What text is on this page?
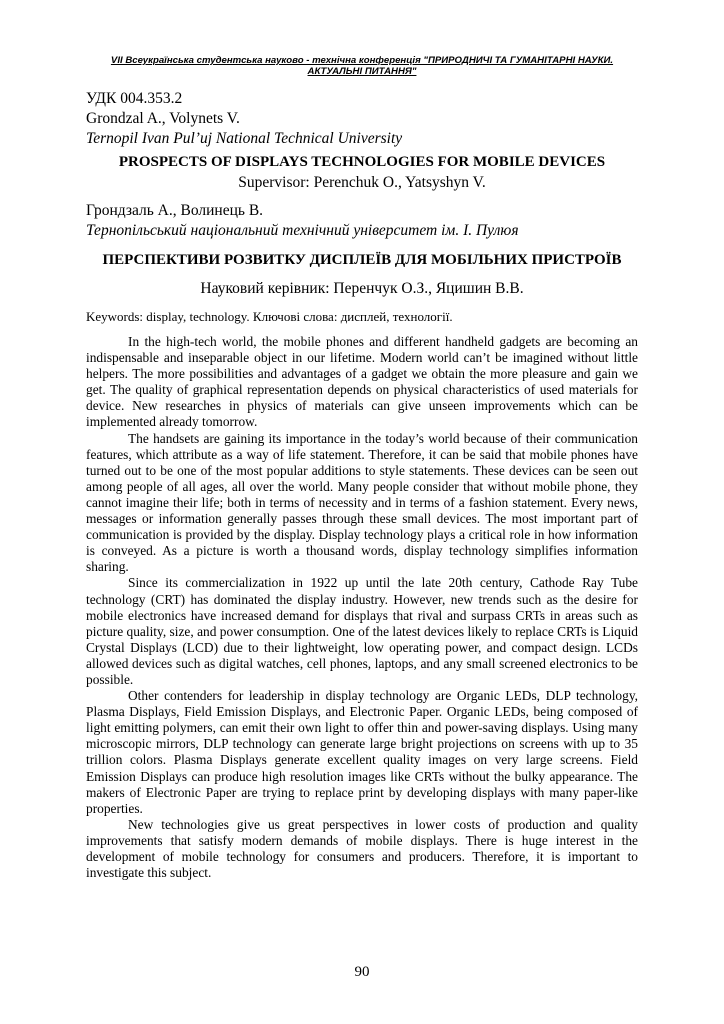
VII Всеукраїнська студентська науково - технічна конференція "ПРИРОДНИЧІ ТА ГУМАНІТАРНІ НАУКИ.
АКТУАЛЬНІ ПИТАННЯ"

УДК 004.353.2

Grondzal A., Volynets V.

Ternopil Ivan Pul’uj National Technical University

PROSPECTS OF DISPLAYS TECHNOLOGIES FOR MOBILE DEVICES
Supervisor: Perenchuk O., Yatsyshyn V.

Грондзаль А., Волинець В.

Тернопільський національний технічний університет ім. І. Пулюя

ПЕРСПЕКТИВИ РОЗВИТКУ ДИСПЛЕЇВ ДЛЯ МОБІЛЬНИХ ПРИСТРОЇВ
Науковий керівник: Перенчук О.З., Яцишин В.В.

Keywords: display, technology. Ключові слова: дисплей, технології.

In the high-tech world, the mobile phones and different handheld gadgets are becoming an indispensable and inseparable object in our lifetime. Modern world can’t be imagined without little helpers. The more possibilities and advantages of a gadget we obtain the more pleasure and gain we get. The quality of graphical representation depends on physical characteristics of used materials for device. New researches in physics of materials can give unseen improvements which can be implemented already tomorrow.

The handsets are gaining its importance in the today’s world because of their communication features, which attribute as a way of life statement. Therefore, it can be said that mobile phones have turned out to be one of the most popular additions to style statements. These devices can be seen out among people of all ages, all over the world. Many people consider that without mobile phone, they cannot imagine their life; both in terms of necessity and in terms of a fashion statement. Every news, messages or information generally passes through these small devices. The most important part of communication is provided by the display. Display technology plays a critical role in how information is conveyed. As a picture is worth a thousand words, display technology simplifies information sharing.

Since its commercialization in 1922 up until the late 20th century, Cathode Ray Tube technology (CRT) has dominated the display industry. However, new trends such as the desire for mobile electronics have increased demand for displays that rival and surpass CRTs in areas such as picture quality, size, and power consumption. One of the latest devices likely to replace CRTs is Liquid Crystal Displays (LCD) due to their lightweight, low operating power, and compact design. LCDs allowed devices such as digital watches, cell phones, laptops, and any small screened electronics to be possible.

Other contenders for leadership in display technology are Organic LEDs, DLP technology, Plasma Displays, Field Emission Displays, and Electronic Paper. Organic LEDs, being composed of light emitting polymers, can emit their own light to offer thin and power-saving displays. Using many microscopic mirrors, DLP technology can generate large bright projections on screens with up to 35 trillion colors. Plasma Displays generate excellent quality images on very large screens. Field Emission Displays can produce high resolution images like CRTs without the bulky appearance. The makers of Electronic Paper are trying to replace print by developing displays with many paper-like properties.

New technologies give us great perspectives in lower costs of production and quality improvements that satisfy modern demands of mobile displays. There is huge interest in the development of mobile technology for consumers and producers. Therefore, it is important to investigate this subject.

90
